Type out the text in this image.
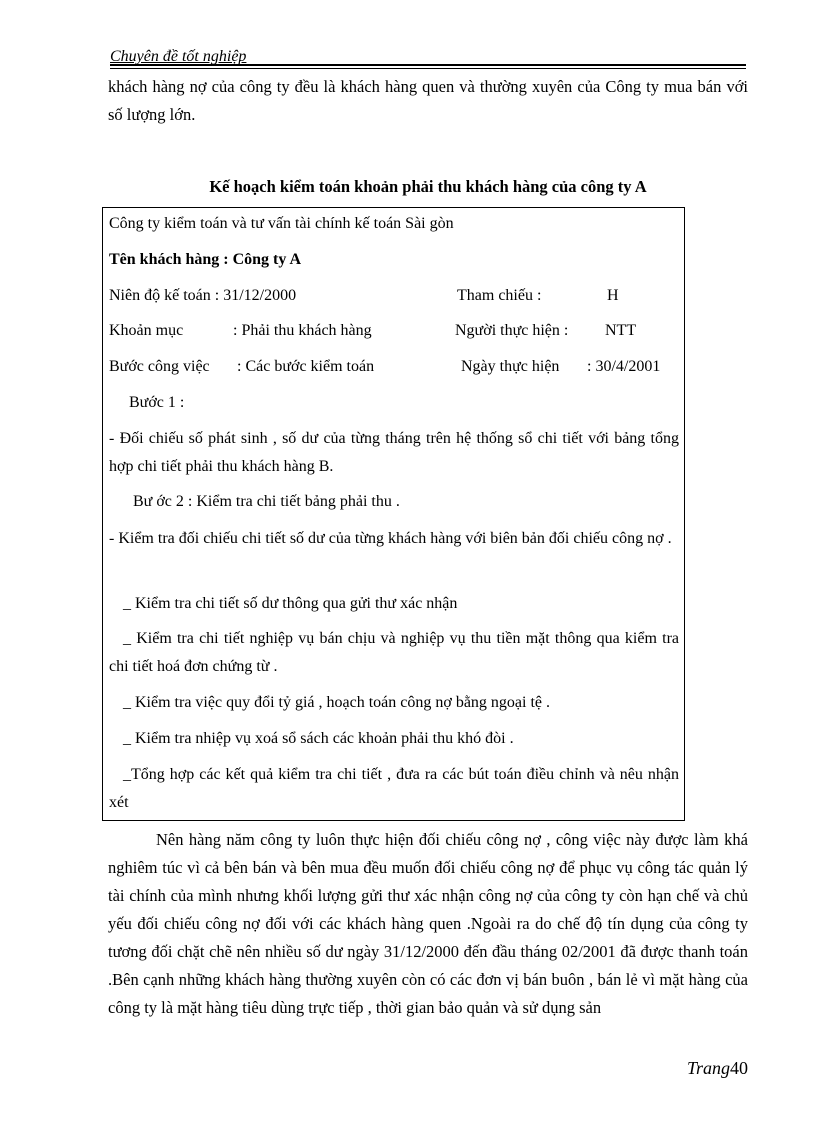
Chuyên đề tốt nghiệp
khách hàng nợ của công ty đều là khách hàng quen và thường xuyên của Công ty mua bán với số lượng lớn.
Kế hoạch kiểm toán khoản phải thu khách hàng của công ty A
Công ty kiểm toán và tư vấn tài chính kế toán Sài gòn
Tên khách hàng : Công ty A
Niên độ kế toán : 31/12/2000	Tham chiếu :	H
Khoản mục	: Phải thu khách hàng	Người thực hiện : NTT
Bước công việc : Các bước kiểm toán	Ngày thực hiện : 30/4/2001
Bước 1 :
- Đối chiếu số phát sinh , số dư của từng tháng trên hệ thống sổ chi tiết với bảng tổng hợp chi tiết phải thu khách hàng B.
Bư ớc 2 : Kiểm tra chi tiết bảng phải thu .
- Kiểm tra đối chiếu chi tiết số dư của từng khách hàng với biên bản đối chiếu công nợ .
_ Kiểm tra chi tiết số dư thông qua gửi thư xác nhận
_ Kiểm tra chi tiết nghiệp vụ bán chịu và nghiệp vụ thu tiền mặt thông qua kiểm tra chi tiết hoá đơn chứng từ .
_ Kiểm tra việc quy đổi tỷ giá , hoạch toán công nợ bằng ngoại tệ .
_ Kiểm tra nhiệp vụ xoá sổ sách các khoản phải thu khó đòi .
_Tổng hợp các kết quả kiểm tra chi tiết , đưa ra các bút toán điều chỉnh và nêu nhận xét
Nên hàng năm công ty luôn thực hiện đối chiếu công nợ , công việc này được làm khá nghiêm túc vì cả bên bán và bên mua đều muốn đối chiếu công nợ để phục vụ công tác quản lý tài chính của mình nhưng khối lượng gửi thư xác nhận công nợ của công ty còn hạn chế và chủ yếu đối chiếu công nợ đối với các khách hàng quen .Ngoài ra do chế độ tín dụng của công ty tương đối chặt chẽ nên nhiều số dư ngày 31/12/2000 đến đầu tháng 02/2001 đã được thanh toán .Bên cạnh những khách hàng thường xuyên còn có các đơn vị bán buôn , bán lẻ vì mặt hàng của công ty là mặt hàng tiêu dùng trực tiếp , thời gian bảo quản và sử dụng sản
Trang40
